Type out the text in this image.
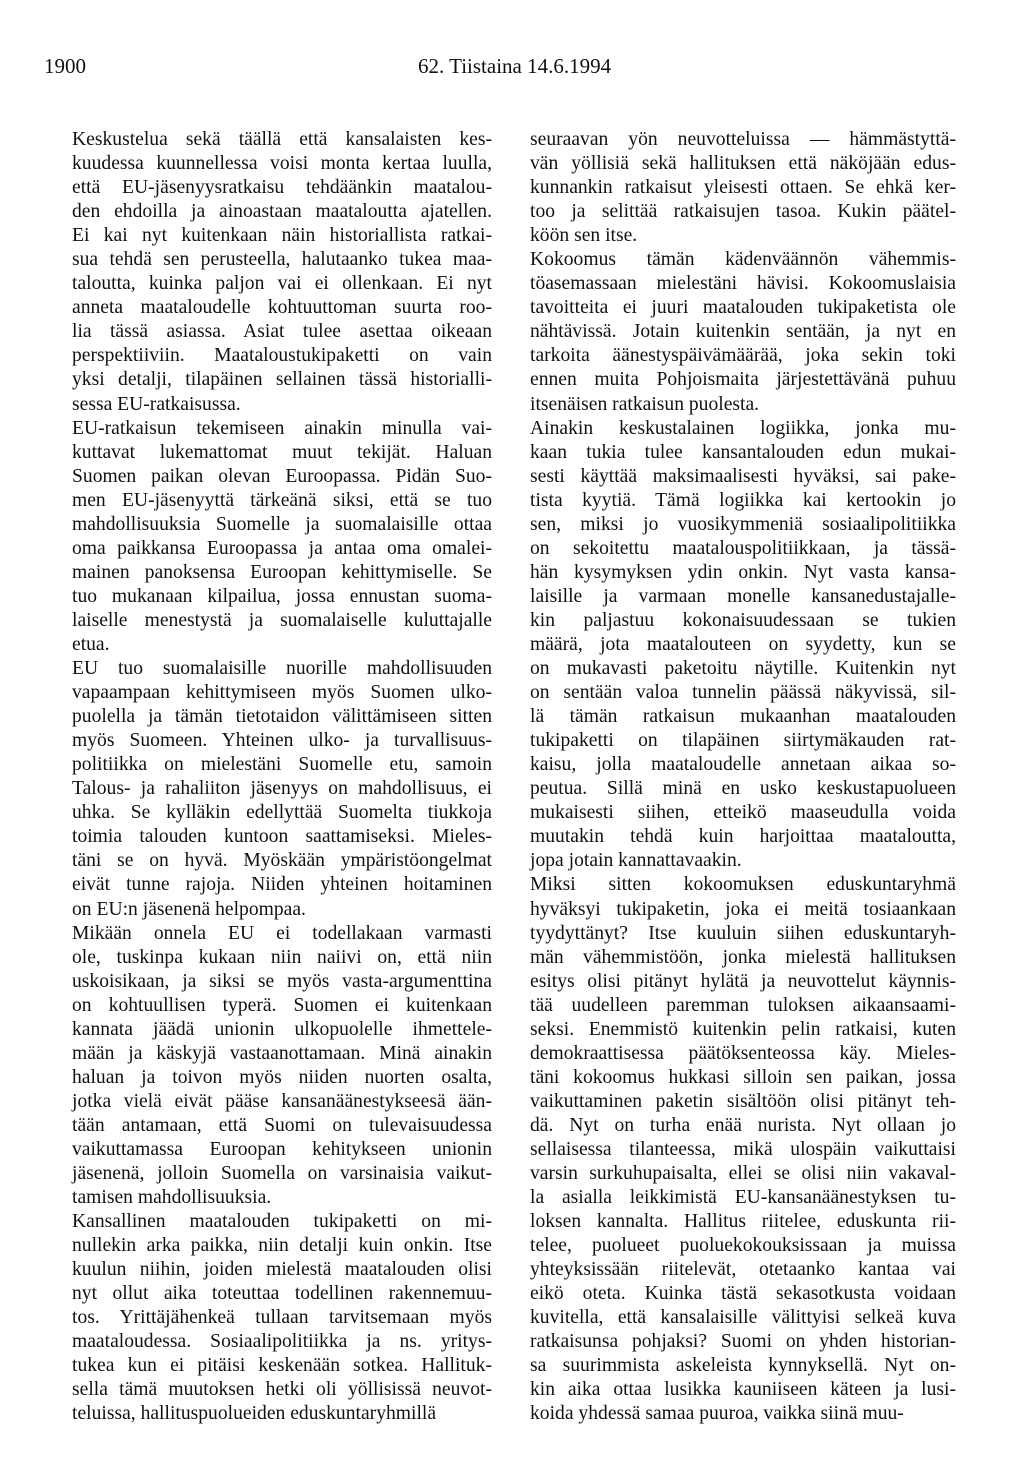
1900	62. Tiistaina 14.6.1994

Keskustelua sekä täällä että kansalaisten kes-
kuudessa kuunnellessa voisi monta kertaa luulla,
että EU-jäsenyysratkaisu tehdäänkin maatalou-
den ehdoilla ja ainoastaan maataloutta ajatellen.
Ei kai nyt kuitenkaan näin historiallista ratkai-
sua tehdä sen perusteella, halutaanko tukea maa-
taloutta, kuinka paljon vai ei ollenkaan. Ei nyt
anneta maataloudelle kohtuuttoman suurta roo-
lia tässä asiassa. Asiat tulee asettaa oikeaan
perspektiiviin. Maataloustukipaketti on vain
yksi detalji, tilapäinen sellainen tässä historialli-
sessa EU-ratkaisussa.

EU-ratkaisun tekemiseen ainakin minulla vai-
kuttavat lukemattomat muut tekijät. Haluan
Suomen paikan olevan Euroopassa. Pidän Suo-
men EU-jäsenyyttä tärkeänä siksi, että se tuo
mahdollisuuksia Suomelle ja suomalaisille ottaa
oma paikkansa Euroopassa ja antaa oma omalei-
mainen panoksensa Euroopan kehittymiselle. Se
tuo mukanaan kilpailua, jossa ennustan suoma-
laiselle menestystä ja suomalaiselle kuluttajalle
etua.

EU tuo suomalaisille nuorille mahdollisuuden
vapaampaan kehittymiseen myös Suomen ulko-
puolella ja tämän tietotaidon välittämiseen sitten
myös Suomeen. Yhteinen ulko- ja turvallisuus-
politiikka on mielestäni Suomelle etu, samoin
Talous- ja rahaliiton jäsenyys on mahdollisuus, ei
uhka. Se kylläkin edellyttää Suomelta tiukkoja
toimia talouden kuntoon saattamiseksi. Mieles-
täni se on hyvä. Myöskään ympäristöongelmat
eivät tunne rajoja. Niiden yhteinen hoitaminen
on EU:n jäsenenä helpompaa.

Mikään onnela EU ei todellakaan varmasti
ole, tuskinpa kukaan niin naiivi on, että niin
uskoisikaan, ja siksi se myös vasta-argumenttina
on kohtuullisen typerä. Suomen ei kuitenkaan
kannata jäädä unionin ulkopuolelle ihmettele-
mään ja käskyjä vastaanottamaan. Minä ainakin
haluan ja toivon myös niiden nuorten osalta,
jotka vielä eivät pääse kansanäänestykseesä ään-
tään antamaan, että Suomi on tulevaisuudessa
vaikuttamassa Euroopan kehitykseen unionin
jäsenenä, jolloin Suomella on varsinaisia vaikut-
tamisen mahdollisuuksia.

Kansallinen maatalouden tukipaketti on mi-
nullekin arka paikka, niin detalji kuin onkin. Itse
kuulun niihin, joiden mielestä maatalouden olisi
nyt ollut aika toteuttaa todellinen rakennemuu-
tos. Yrittäjähenkeä tullaan tarvitsemaan myös
maataloudessa. Sosiaalipolitiikka ja ns. yritys-
tukea kun ei pitäisi keskenään sotkea. Hallituk-
sella tämä muutoksen hetki oli yöllisissä neuvot-
teluissa, hallituspuolueiden eduskuntaryhmillä

seuraavan yön neuvotteluissa — hämmästyttä-
vän yöllisiä sekä hallituksen että näköjään edus-
kunnankin ratkaisut yleisesti ottaen. Se ehkä ker-
too ja selittää ratkaisujen tasoa. Kukin päätel-
köön sen itse.

Kokoomus tämän kädenväännön vähemmis-
töasemassaan mielestäni hävisi. Kokoomuslaisia
tavoitteita ei juuri maatalouden tukipaketista ole
nähtävissä. Jotain kuitenkin sentään, ja nyt en
tarkoita äänestyspäivämäärää, joka sekin toki
ennen muita Pohjoismaita järjestettävänä puhuu
itsenäisen ratkaisun puolesta.

Ainakin keskustalainen logiikka, jonka mu-
kaan tukia tulee kansantalouden edun mukai-
sesti käyttää maksimaalisesti hyväksi, sai pake-
tista kyytiä. Tämä logiikka kai kertookin jo
sen, miksi jo vuosikymmeniä sosiaalipolitiikka
on sekoitettu maatalouspolitiikkaan, ja tässä-
hän kysymyksen ydin onkin. Nyt vasta kansa-
laisille ja varmaan monelle kansanedustajalle-
kin paljastuu kokonaisuudessaan se tukien
määrä, jota maatalouteen on syydetty, kun se
on mukavasti paketoitu näytille. Kuitenkin nyt
on sentään valoa tunnelin päässä näkyvissä, sil-
lä tämän ratkaisun mukaanhan maatalouden
tukipaketti on tilapäinen siirtymäkauden rat-
kaisu, jolla maataloudelle annetaan aikaa so-
peutua. Sillä minä en usko keskustapuolueen
mukaisesti siihen, etteikö maaseudulla voida
muutakin tehdä kuin harjoittaa maataloutta,
jopa jotain kannattavaakin.

Miksi sitten kokoomuksen eduskuntaryhmä
hyväksyi tukipaketin, joka ei meitä tosiaankaan
tyydyttänyt? Itse kuuluin siihen eduskuntaryh-
män vähemmistöön, jonka mielestä hallituksen
esitys olisi pitänyt hylätä ja neuvottelut käynnis-
tää uudelleen paremman tuloksen aikaansaami-
seksi. Enemmistö kuitenkin pelin ratkaisi, kuten
demokraattisessa päätöksenteossa käy. Mieles-
täni kokoomus hukkasi silloin sen paikan, jossa
vaikuttaminen paketin sisältöön olisi pitänyt teh-
dä. Nyt on turha enää nurista. Nyt ollaan jo
sellaisessa tilanteessa, mikä ulospäin vaikuttaisi
varsin surkuhupaisalta, ellei se olisi niin vakaval-
la asialla leikkimistä EU-kansanäänestyksen tu-
loksen kannalta. Hallitus riitelee, eduskunta rii-
telee, puolueet puoluekokouksissaan ja muissa
yhteyksissään riitelevät, otetaanko kantaa vai
eikö oteta. Kuinka tästä sekasotkusta voidaan
kuvitella, että kansalaisille välittyisi selkeä kuva
ratkaisunsa pohjaksi? Suomi on yhden historian-
sa suurimmista askeleista kynnyksellä. Nyt on-
kin aika ottaa lusikka kauniiseen käteen ja lusi-
koida yhdessä samaa puuroa, vaikka siinä muu-
